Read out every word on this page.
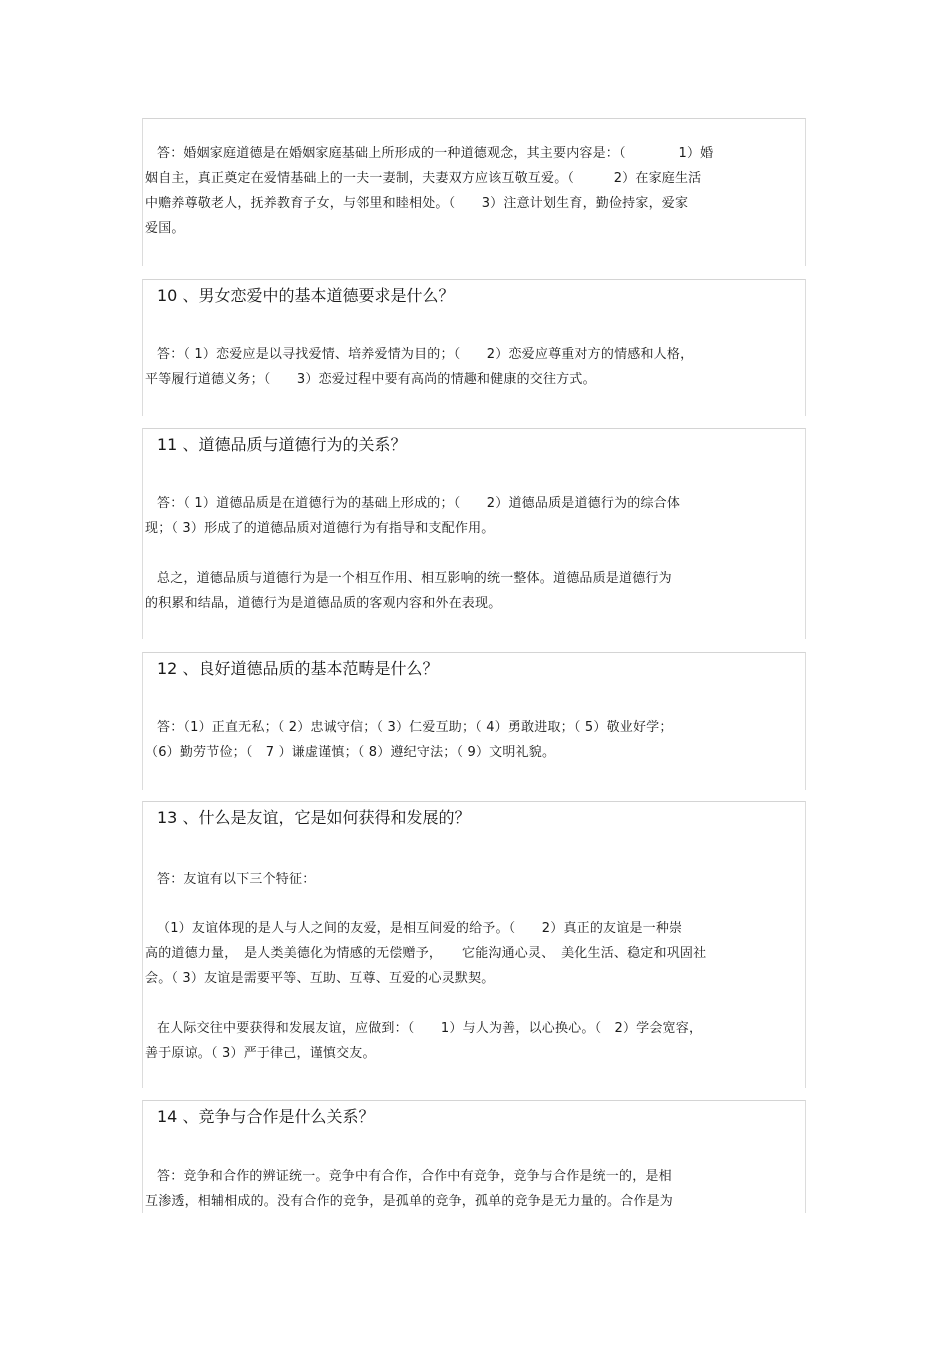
答：婚姻家庭道德是在婚姻家庭基础上所形成的一种道德观念，其主要内容是：（　　　　1）婚
姻自主，真正奠定在爱情基础上的一夫一妻制，夫妻双方应该互敬互爱。（　　　2）在家庭生活
中赡养尊敬老人，抚养教育子女，与邻里和睦相处。（　　3）注意计划生育，勤俭持家，爱家
爱国。

10 、男女恋爱中的基本道德要求是什么？

答：（ 1）恋爱应是以寻找爱情、培养爱情为目的；（　　2）恋爱应尊重对方的情感和人格，
平等履行道德义务；（　　3）恋爱过程中要有高尚的情趣和健康的交往方式。

11 、道德品质与道德行为的关系？

答：（ 1）道德品质是在道德行为的基础上形成的；（　　2）道德品质是道德行为的综合体
现；（ 3）形成了的道德品质对道德行为有指导和支配作用。

总之，道德品质与道德行为是一个相互作用、相互影响的统一整体。道德品质是道德行为
的积累和结晶，道德行为是道德品质的客观内容和外在表现。

12 、良好道德品质的基本范畴是什么？

答：（1）正直无私；（ 2）忠诚守信；（ 3）仁爱互助；（ 4）勇敢进取；（ 5）敬业好学；
（6）勤劳节俭；（　7 ）谦虚谨慎；（ 8）遵纪守法；（ 9）文明礼貌。

13 、什么是友谊，它是如何获得和发展的？

答：友谊有以下三个特征：

（1）友谊体现的是人与人之间的友爱，是相互间爱的给予。（　　2）真正的友谊是一种崇
高的道德力量，　是人类美德化为情感的无偿赠予，　　它能沟通心灵、　美化生活、稳定和巩固社
会。（ 3）友谊是需要平等、互助、互尊、互爱的心灵默契。

在人际交往中要获得和发展友谊，应做到：（　　1）与人为善，以心换心。（　2）学会宽容，
善于原谅。（ 3）严于律己，谨慎交友。

14 、竞争与合作是什么关系？

答：竞争和合作的辨证统一。竞争中有合作，合作中有竞争，竞争与合作是统一的，是相
互渗透，相辅相成的。没有合作的竞争，是孤单的竞争，孤单的竞争是无力量的。合作是为
